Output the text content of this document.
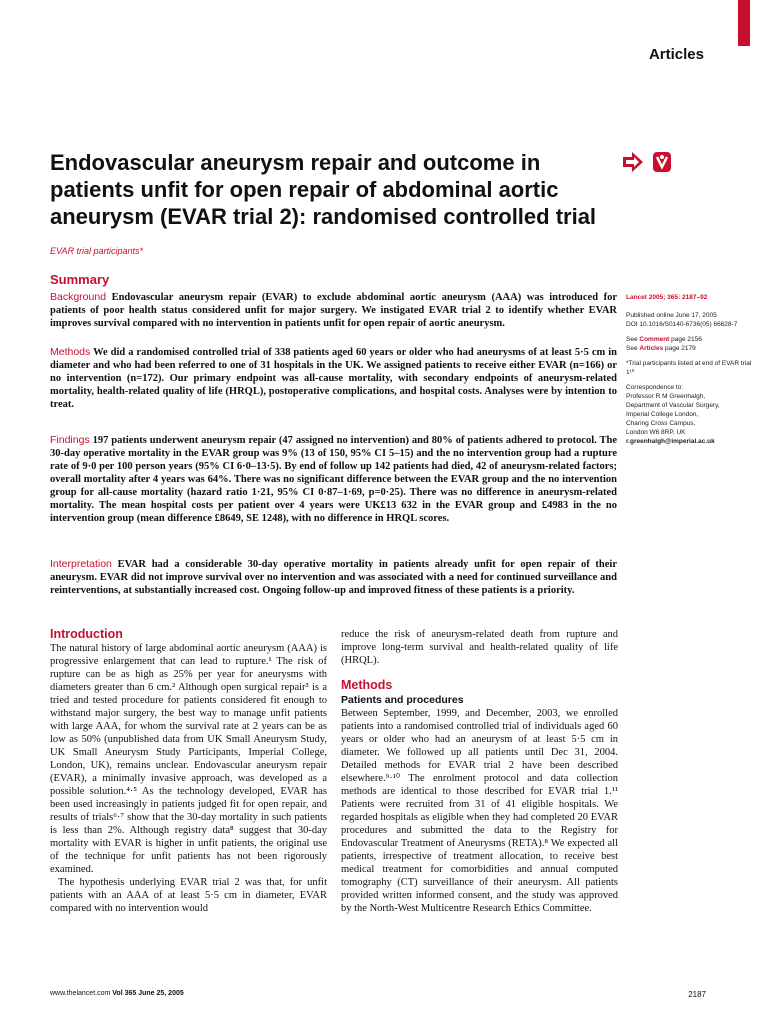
Articles
Endovascular aneurysm repair and outcome in patients unfit for open repair of abdominal aortic aneurysm (EVAR trial 2): randomised controlled trial

EVAR trial participants*
Summary

Background Endovascular aneurysm repair (EVAR) to exclude abdominal aortic aneurysm (AAA) was introduced for patients of poor health status considered unfit for major surgery. We instigated EVAR trial 2 to identify whether EVAR improves survival compared with no intervention in patients unfit for open repair of aortic aneurysm.

Methods We did a randomised controlled trial of 338 patients aged 60 years or older who had aneurysms of at least 5·5 cm in diameter and who had been referred to one of 31 hospitals in the UK. We assigned patients to receive either EVAR (n=166) or no intervention (n=172). Our primary endpoint was all-cause mortality, with secondary endpoints of aneurysm-related mortality, health-related quality of life (HRQL), postoperative complications, and hospital costs. Analyses were by intention to treat.

Findings 197 patients underwent aneurysm repair (47 assigned no intervention) and 80% of patients adhered to protocol. The 30-day operative mortality in the EVAR group was 9% (13 of 150, 95% CI 5–15) and the no intervention group had a rupture rate of 9·0 per 100 person years (95% CI 6·0–13·5). By end of follow up 142 patients had died, 42 of aneurysm-related factors; overall mortality after 4 years was 64%. There was no significant difference between the EVAR group and the no intervention group for all-cause mortality (hazard ratio 1·21, 95% CI 0·87–1·69, p=0·25). There was no difference in aneurysm-related mortality. The mean hospital costs per patient over 4 years were UK£13 632 in the EVAR group and £4983 in the no intervention group (mean difference £8649, SE 1248), with no difference in HRQL scores.

Interpretation EVAR had a considerable 30-day operative mortality in patients already unfit for open repair of their aneurysm. EVAR did not improve survival over no intervention and was associated with a need for continued surveillance and reinterventions, at substantially increased cost. Ongoing follow-up and improved fitness of these patients is a priority.

Lancet 2005; 365: 2187–92
Published online June 17, 2005
DOI 10.1016/S0140-6736(05) 66628-7
See Comment page 2156
See Articles page 2179
*Trial participants listed at end of EVAR trial 1¹⁰
Correspondence to:
Professor R M Greenhalgh,
Department of Vascular Surgery,
Imperial College London,
Charing Cross Campus,
London W6 8RP, UK
r.greenhalgh@imperial.ac.uk
Introduction

The natural history of large abdominal aortic aneurysm (AAA) is progressive enlargement that can lead to rupture.¹ The risk of rupture can be as high as 25% per year for aneurysms with diameters greater than 6 cm.² Although open surgical repair³ is a tried and tested procedure for patients considered fit enough to withstand major surgery, the best way to manage unfit patients with large AAA, for whom the survival rate at 2 years can be as low as 50% (unpublished data from UK Small Aneurysm Study, UK Small Aneurysm Study Participants, Imperial College, London, UK), remains unclear. Endovascular aneurysm repair (EVAR), a minimally invasive approach, was developed as a possible solution.⁴·⁵ As the technology developed, EVAR has been used increasingly in patients judged fit for open repair, and results of trials⁶·⁷ show that the 30-day mortality in such patients is less than 2%. Although registry data⁸ suggest that 30-day mortality with EVAR is higher in unfit patients, the original use of the technique for unfit patients has not been rigorously examined.

The hypothesis underlying EVAR trial 2 was that, for unfit patients with an AAA of at least 5·5 cm in diameter, EVAR compared with no intervention would

reduce the risk of aneurysm-related death from rupture and improve long-term survival and health-related quality of life (HRQL).

Methods
Patients and procedures

Between September, 1999, and December, 2003, we enrolled patients into a randomised controlled trial of individuals aged 60 years or older who had an aneurysm of at least 5·5 cm in diameter. We followed up all patients until Dec 31, 2004. Detailed methods for EVAR trial 2 have been described elsewhere.⁹·¹⁰ The enrolment protocol and data collection methods are identical to those described for EVAR trial 1.¹¹ Patients were recruited from 31 of 41 eligible hospitals. We regarded hospitals as eligible when they had completed 20 EVAR procedures and submitted the data to the Registry for Endovascular Treatment of Aneurysms (RETA).⁸ We expected all patients, irrespective of treatment allocation, to receive best medical treatment for comorbidities and annual computed tomography (CT) surveillance of their aneurysm. All patients provided written informed consent, and the study was approved by the North-West Multicentre Research Ethics Committee.

www.thelancet.com Vol 365 June 25, 2005	2187
